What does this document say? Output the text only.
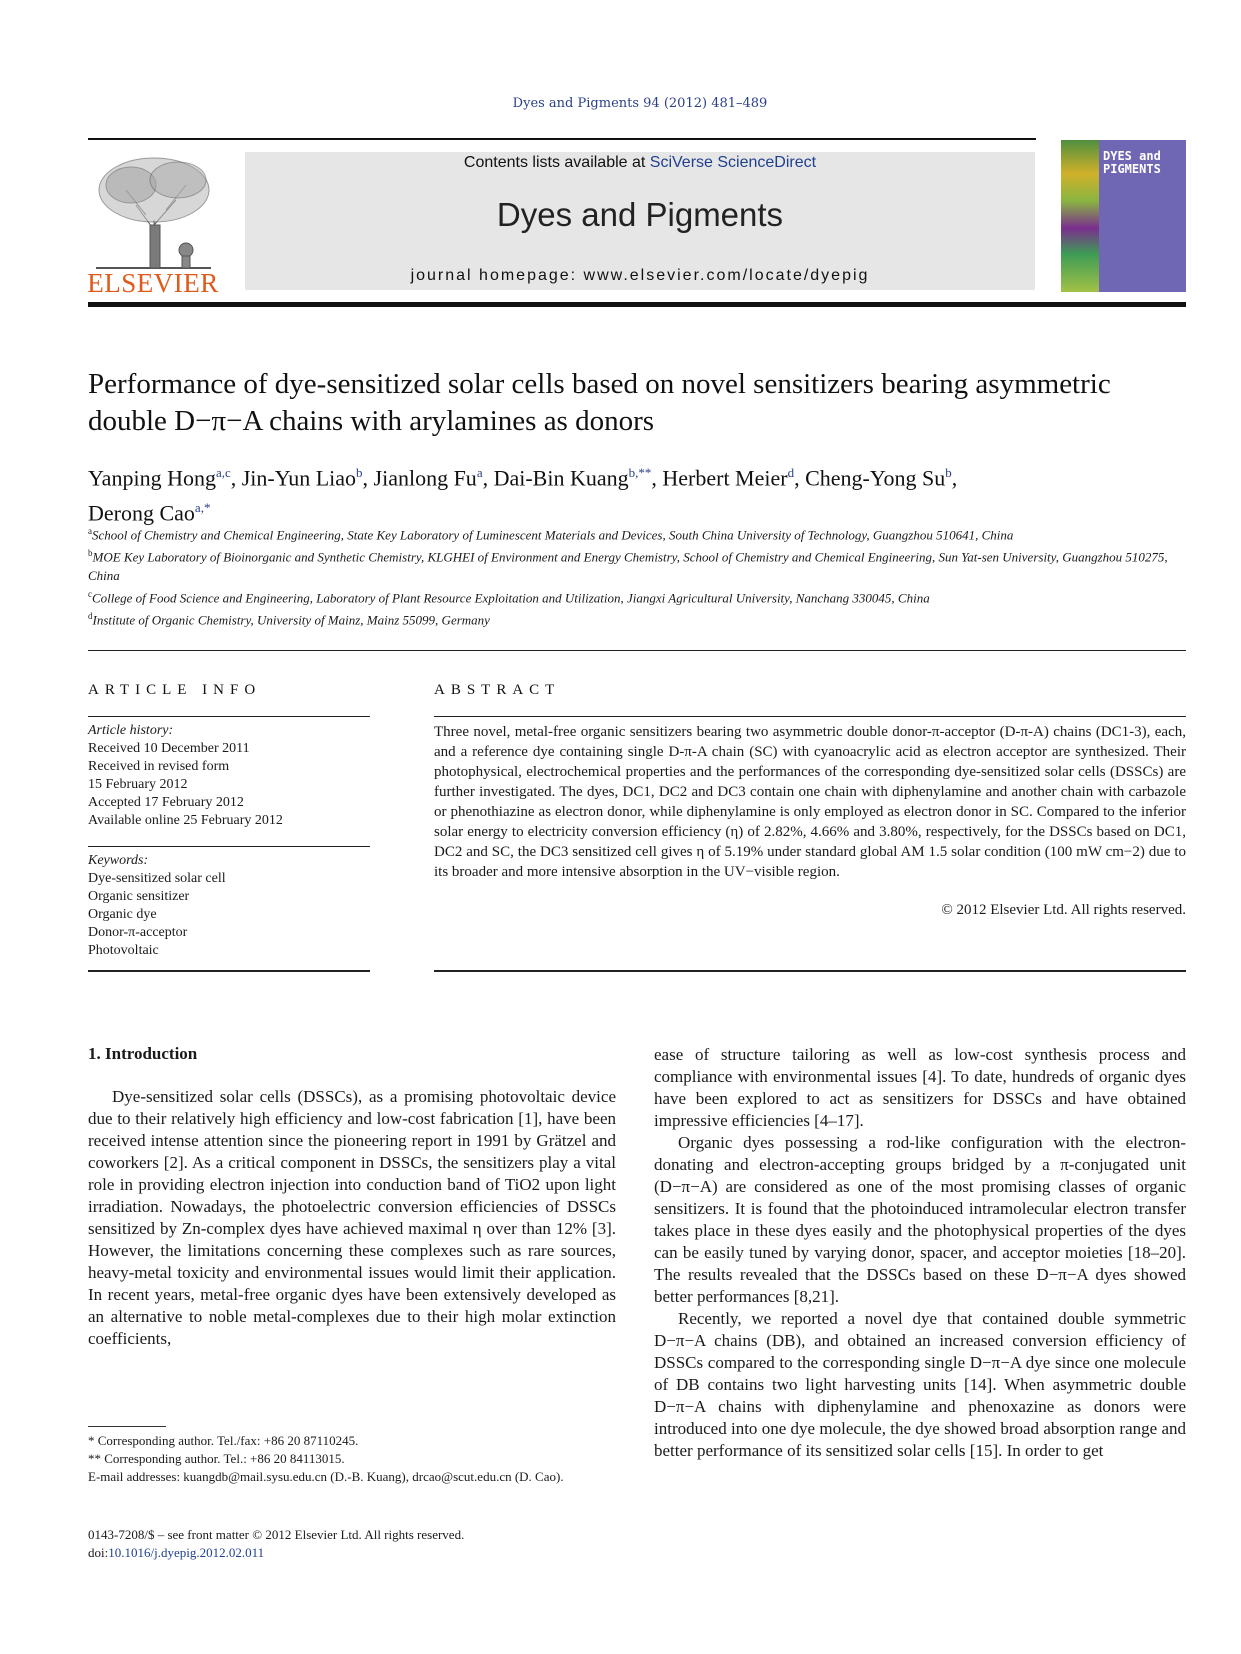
Dyes and Pigments 94 (2012) 481–489
ELSEVIER
Contents lists available at SciVerse ScienceDirect
Dyes and Pigments
journal homepage: www.elsevier.com/locate/dyepig
DYES and PIGMENTS
Performance of dye-sensitized solar cells based on novel sensitizers bearing asymmetric double D−π−A chains with arylamines as donors
Yanping Hong$^{a,c}$, Jin-Yun Liao$^b$, Jianlong Fu$^a$, Dai-Bin Kuang$^{b,**}$, Herbert Meier$^d$, Cheng-Yong Su$^b$,
Derong Cao$^{a,*}$
$^a$School of Chemistry and Chemical Engineering, State Key Laboratory of Luminescent Materials and Devices, South China University of Technology, Guangzhou 510641, China
$^b$MOE Key Laboratory of Bioinorganic and Synthetic Chemistry, KLGHEI of Environment and Energy Chemistry, School of Chemistry and Chemical Engineering, Sun Yat-sen University, Guangzhou 510275, China
$^c$College of Food Science and Engineering, Laboratory of Plant Resource Exploitation and Utilization, Jiangxi Agricultural University, Nanchang 330045, China
$^d$Institute of Organic Chemistry, University of Mainz, Mainz 55099, Germany
ARTICLE INFO
Article history:
Received 10 December 2011
Received in revised form
15 February 2012
Accepted 17 February 2012
Available online 25 February 2012
Keywords:
Dye-sensitized solar cell
Organic sensitizer
Organic dye
Donor-π-acceptor
Photovoltaic
ABSTRACT
Three novel, metal-free organic sensitizers bearing two asymmetric double donor-π-acceptor (D-π-A) chains (DC1-3), each, and a reference dye containing single D-π-A chain (SC) with cyanoacrylic acid as electron acceptor are synthesized. Their photophysical, electrochemical properties and the performances of the corresponding dye-sensitized solar cells (DSSCs) are further investigated. The dyes, DC1, DC2 and DC3 contain one chain with diphenylamine and another chain with carbazole or phenothiazine as electron donor, while diphenylamine is only employed as electron donor in SC. Compared to the inferior solar energy to electricity conversion efficiency (η) of 2.82%, 4.66% and 3.80%, respectively, for the DSSCs based on DC1, DC2 and SC, the DC3 sensitized cell gives η of 5.19% under standard global AM 1.5 solar condition (100 mW cm−2) due to its broader and more intensive absorption in the UV−visible region.
© 2012 Elsevier Ltd. All rights reserved.
1. Introduction

Dye-sensitized solar cells (DSSCs), as a promising photovoltaic device due to their relatively high efficiency and low-cost fabrication [1], have been received intense attention since the pioneering report in 1991 by Grätzel and coworkers [2]. As a critical component in DSSCs, the sensitizers play a vital role in providing electron injection into conduction band of TiO2 upon light irradiation. Nowadays, the photoelectric conversion efficiencies of DSSCs sensitized by Zn-complex dyes have achieved maximal η over than 12% [3]. However, the limitations concerning these complexes such as rare sources, heavy-metal toxicity and environmental issues would limit their application. In recent years, metal-free organic dyes have been extensively developed as an alternative to noble metal-complexes due to their high molar extinction coefficients,

ease of structure tailoring as well as low-cost synthesis process and compliance with environmental issues [4]. To date, hundreds of organic dyes have been explored to act as sensitizers for DSSCs and have obtained impressive efficiencies [4–17].

Organic dyes possessing a rod-like configuration with the electron-donating and electron-accepting groups bridged by a π-conjugated unit (D−π−A) are considered as one of the most promising classes of organic sensitizers. It is found that the photoinduced intramolecular electron transfer takes place in these dyes easily and the photophysical properties of the dyes can be easily tuned by varying donor, spacer, and acceptor moieties [18–20]. The results revealed that the DSSCs based on these D−π−A dyes showed better performances [8,21].

Recently, we reported a novel dye that contained double symmetric D−π−A chains (DB), and obtained an increased conversion efficiency of DSSCs compared to the corresponding single D−π−A dye since one molecule of DB contains two light harvesting units [14]. When asymmetric double D−π−A chains with diphenylamine and phenoxazine as donors were introduced into one dye molecule, the dye showed broad absorption range and better performance of its sensitized solar cells [15]. In order to get

* Corresponding author. Tel./fax: +86 20 87110245.
** Corresponding author. Tel.: +86 20 84113015.
E-mail addresses: kuangdb@mail.sysu.edu.cn (D.-B. Kuang), drcao@scut.edu.cn (D. Cao).
0143-7208/$ – see front matter © 2012 Elsevier Ltd. All rights reserved.
doi:10.1016/j.dyepig.2012.02.011
